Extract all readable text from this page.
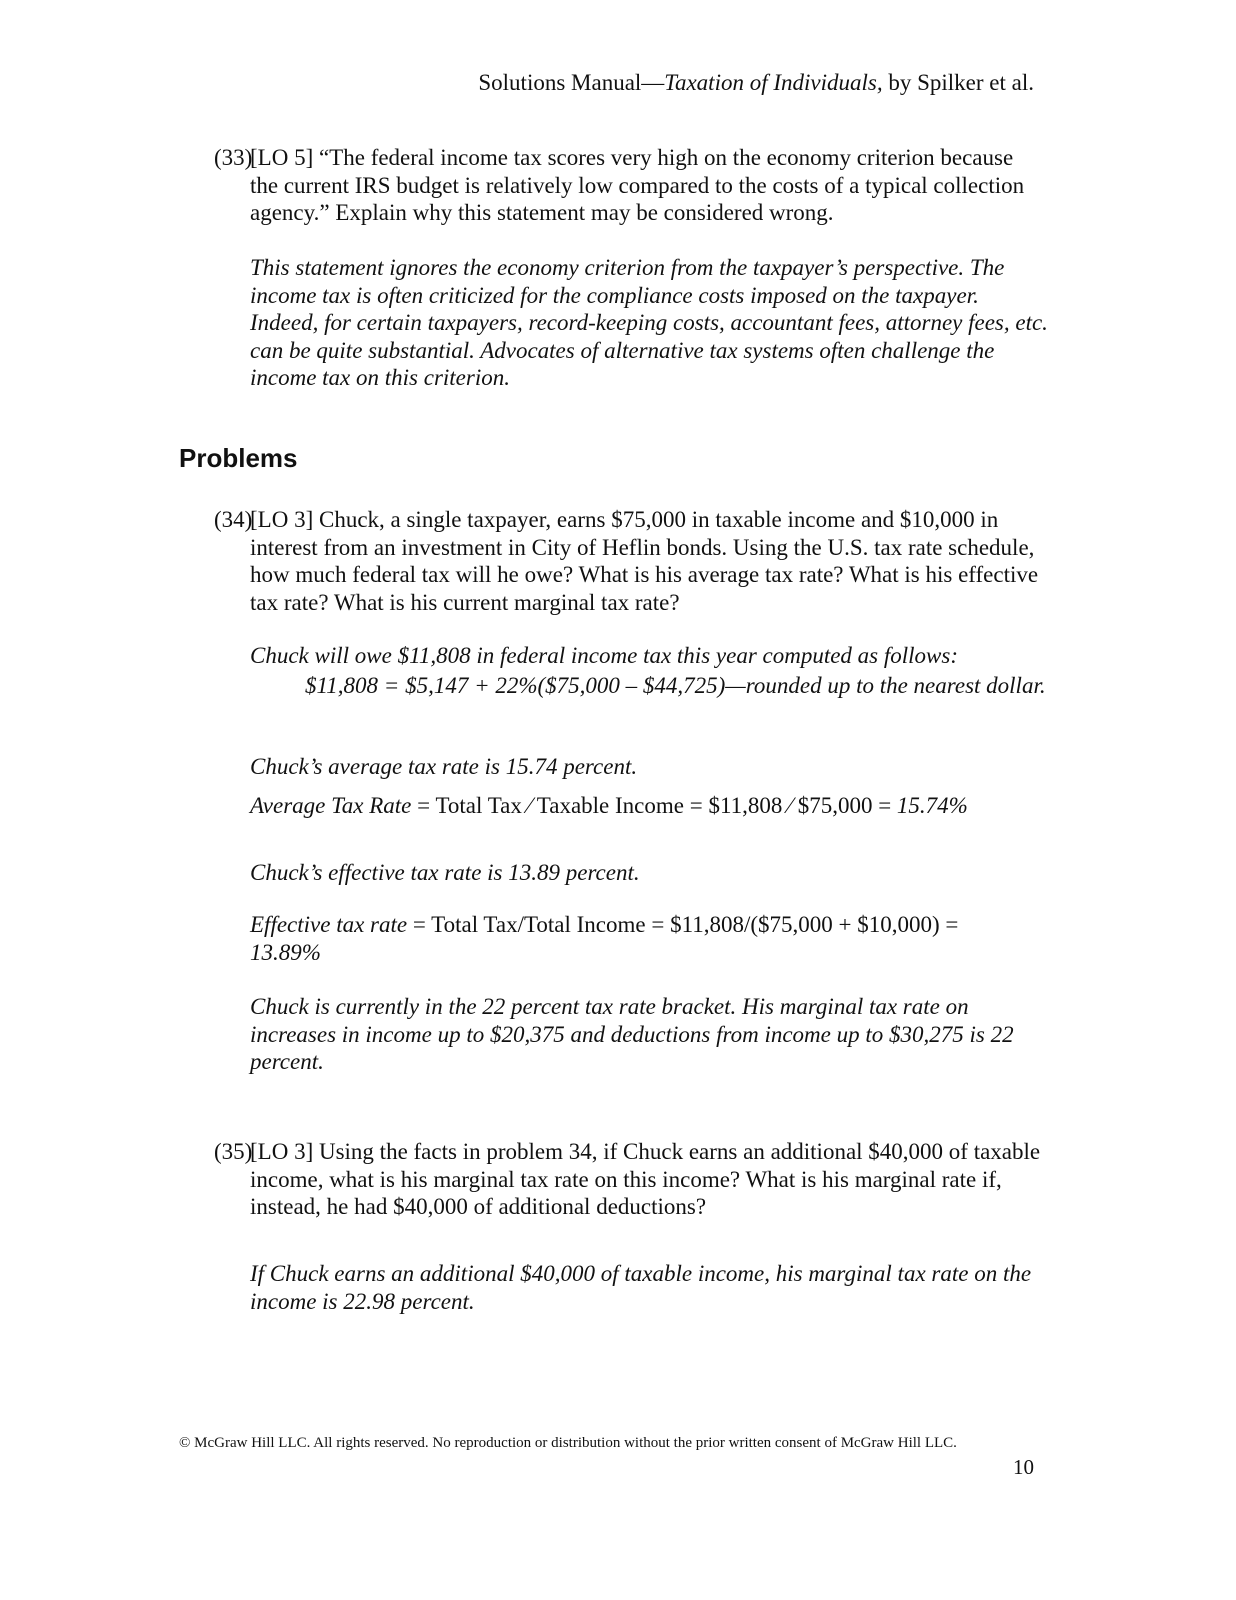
Solutions Manual—Taxation of Individuals, by Spilker et al.
(33)
[LO 5] “The federal income tax scores very high on the economy criterion because the current IRS budget is relatively low compared to the costs of a typical collection agency.” Explain why this statement may be considered wrong.
This statement ignores the economy criterion from the taxpayer’s perspective. The income tax is often criticized for the compliance costs imposed on the taxpayer. Indeed, for certain taxpayers, record-keeping costs, accountant fees, attorney fees, etc. can be quite substantial. Advocates of alternative tax systems often challenge the income tax on this criterion.
Problems
(34)
[LO 3] Chuck, a single taxpayer, earns $75,000 in taxable income and $10,000 in interest from an investment in City of Heflin bonds. Using the U.S. tax rate schedule, how much federal tax will he owe? What is his average tax rate? What is his effective tax rate? What is his current marginal tax rate?
Chuck will owe $11,808 in federal income tax this year computed as follows:
$11,808 = $5,147 + 22%($75,000 – $44,725)—rounded up to the nearest dollar.
Chuck’s average tax rate is 15.74 percent.
Average Tax Rate = Total Tax ⁄ Taxable Income = $11,808 ⁄ $75,000 = 15.74%
Chuck’s effective tax rate is 13.89 percent.
Effective tax rate = Total Tax/Total Income = $11,808/($75,000 + $10,000) =
13.89%
Chuck is currently in the 22 percent tax rate bracket. His marginal tax rate on increases in income up to $20,375 and deductions from income up to $30,275 is 22 percent.
(35)
[LO 3] Using the facts in problem 34, if Chuck earns an additional $40,000 of taxable income, what is his marginal tax rate on this income? What is his marginal rate if, instead, he had $40,000 of additional deductions?
If Chuck earns an additional $40,000 of taxable income, his marginal tax rate on the income is 22.98 percent.
© McGraw Hill LLC. All rights reserved. No reproduction or distribution without the prior written consent of McGraw Hill LLC.
10
